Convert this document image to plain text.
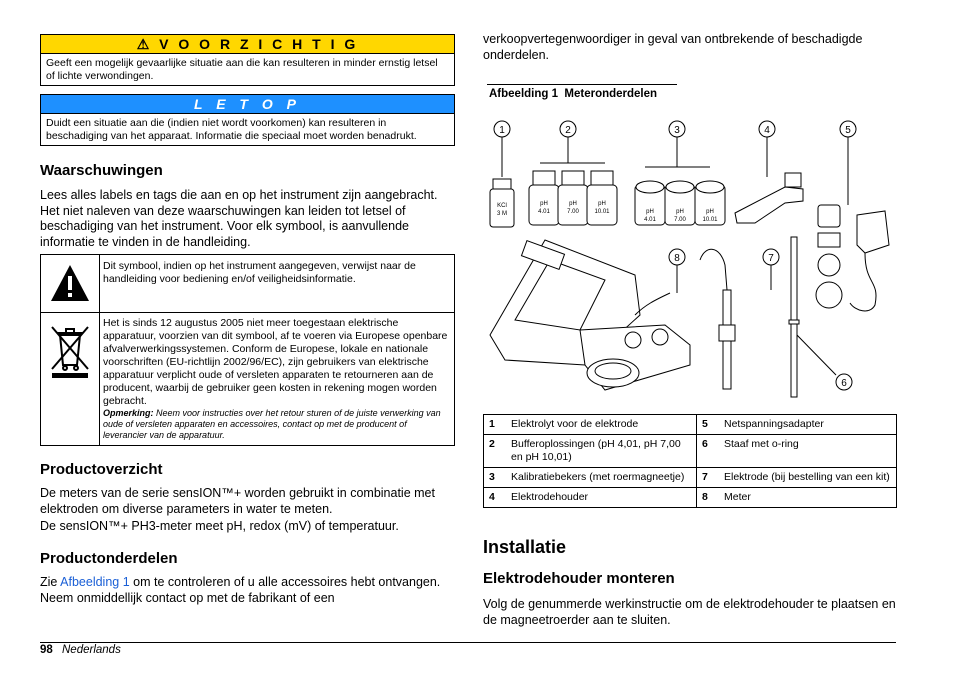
⚠ V O O R Z I C H T I G
Geeft een mogelijk gevaarlijke situatie aan die kan resulteren in minder ernstig letsel of lichte verwondingen.
L E T O P
Duidt een situatie aan die (indien niet wordt voorkomen) kan resulteren in beschadiging van het apparaat. Informatie die speciaal moet worden benadrukt.
Waarschuwingen
Lees alles labels en tags die aan en op het instrument zijn aangebracht. Het niet naleven van deze waarschuwingen kan leiden tot letsel of beschadiging van het instrument. Voor elk symbool, is aanvullende informatie te vinden in de handleiding.
Dit symbool, indien op het instrument aangegeven, verwijst naar de handleiding voor bediening en/of veiligheidsinformatie.
Het is sinds 12 augustus 2005 niet meer toegestaan elektrische apparatuur, voorzien van dit symbool, af te voeren via Europese openbare afvalverwerkingssystemen. Conform de Europese, lokale en nationale voorschriften (EU-richtlijn 2002/96/EC), zijn gebruikers van elektrische apparatuur verplicht oude of versleten apparaten te retourneren aan de producent, waarbij de gebruiker geen kosten in rekening mogen worden gebracht.
Opmerking: Neem voor instructies over het retour sturen of de juiste verwerking van oude of versleten apparaten en accessoires, contact op met de producent of leverancier van de apparatuur.
Productoverzicht
De meters van de serie sensION™+ worden gebruikt in combinatie met elektroden om diverse parameters in water te meten.
De sensION™+ PH3-meter meet pH, redox (mV) of temperatuur.
Productonderdelen
Zie Afbeelding 1 om te controleren of u alle accessoires hebt ontvangen. Neem onmiddellijk contact op met de fabrikant of een
verkoopvertegenwoordiger in geval van ontbrekende of beschadigde onderdelen.
Afbeelding 1  Meteronderdelen
1	2	3	4	5
6
7
8
KCl
3 M
pH
4.01
pH
7.00
pH
10.01	pH
4.01
pH
7.00
pH
10.01
1	Elektrolyt voor de elektrode	5	Netspanningsadapter
2	Bufferoplossingen (pH 4,01, pH 7,00 en pH 10,01)	6	Staaf met o-ring
3	Kalibratiebekers (met roermagneetje)	7	Elektrode (bij bestelling van een kit)
4	Elektrodehouder	8	Meter
Installatie
Elektrodehouder monteren
Volg de genummerde werkinstructie om de elektrodehouder te plaatsen en de magneetroerder aan te sluiten.
98 Nederlands
